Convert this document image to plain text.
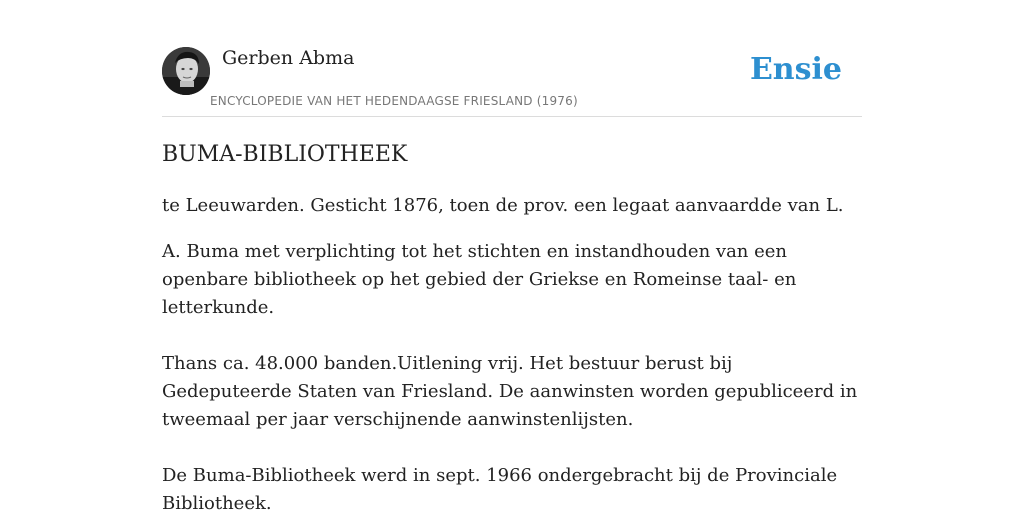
Gerben Abma
ENCYCLOPEDIE VAN HET HEDENDAAGSE FRIESLAND (1976)
Ensie
BUMA-BIBLIOTHEEK

te Leeuwarden. Gesticht 1876, toen de prov. een legaat aanvaardde van L.

A. Buma met verplichting tot het stichten en instandhouden van een openbare bibliotheek op het gebied der Griekse en Romeinse taal- en letterkunde.

Thans ca. 48.000 banden.Uitlening vrij. Het bestuur berust bij Gedeputeerde Staten van Friesland. De aanwinsten worden gepubliceerd in tweemaal per jaar verschijnende aanwinstenlijsten.

De Buma-Bibliotheek werd in sept. 1966 ondergebracht bij de Provinciale Bibliotheek.
